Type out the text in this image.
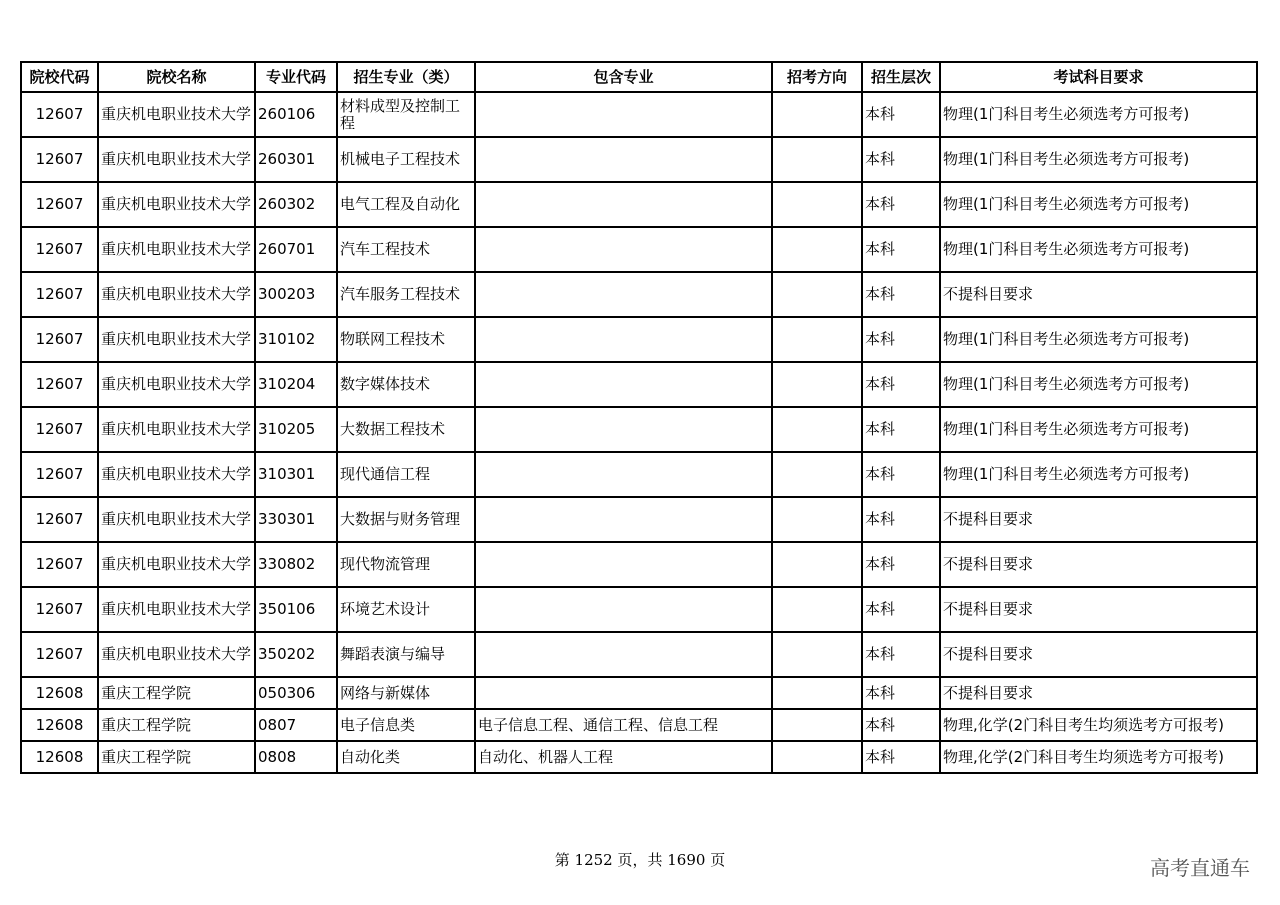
院校代码	院校名称	专业代码	招生专业（类）	包含专业	招考方向	招生层次	考试科目要求
12607	重庆机电职业技术大学	260106	材料成型及控制工程			本科	物理(1门科目考生必须选考方可报考)
12607	重庆机电职业技术大学	260301	机械电子工程技术			本科	物理(1门科目考生必须选考方可报考)
12607	重庆机电职业技术大学	260302	电气工程及自动化			本科	物理(1门科目考生必须选考方可报考)
12607	重庆机电职业技术大学	260701	汽车工程技术			本科	物理(1门科目考生必须选考方可报考)
12607	重庆机电职业技术大学	300203	汽车服务工程技术			本科	不提科目要求
12607	重庆机电职业技术大学	310102	物联网工程技术			本科	物理(1门科目考生必须选考方可报考)
12607	重庆机电职业技术大学	310204	数字媒体技术			本科	物理(1门科目考生必须选考方可报考)
12607	重庆机电职业技术大学	310205	大数据工程技术			本科	物理(1门科目考生必须选考方可报考)
12607	重庆机电职业技术大学	310301	现代通信工程			本科	物理(1门科目考生必须选考方可报考)
12607	重庆机电职业技术大学	330301	大数据与财务管理			本科	不提科目要求
12607	重庆机电职业技术大学	330802	现代物流管理			本科	不提科目要求
12607	重庆机电职业技术大学	350106	环境艺术设计			本科	不提科目要求
12607	重庆机电职业技术大学	350202	舞蹈表演与编导			本科	不提科目要求
12608	重庆工程学院	050306	网络与新媒体			本科	不提科目要求
12608	重庆工程学院	0807	电子信息类	电子信息工程、通信工程、信息工程		本科	物理,化学(2门科目考生均须选考方可报考)
12608	重庆工程学院	0808	自动化类	自动化、机器人工程		本科	物理,化学(2门科目考生均须选考方可报考)
第 1252 页，共 1690 页	高考直通车
